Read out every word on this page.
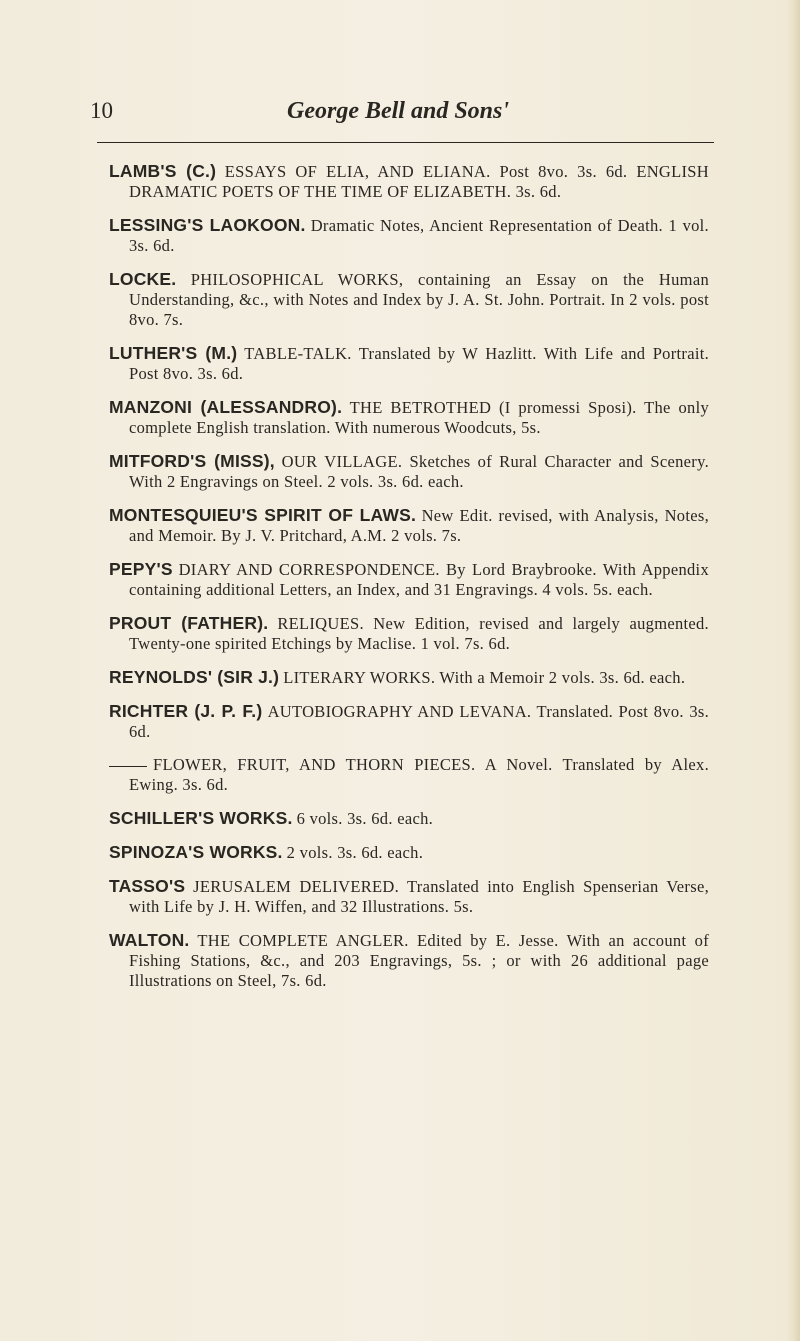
10	George Bell and Sons'

LAMB'S (C.) ESSAYS OF ELIA, AND ELIANA. Post 8vo. 3s. 6d. ENGLISH DRAMATIC POETS OF THE TIME OF ELIZABETH. 3s. 6d.

LESSING'S LAOKOON. Dramatic Notes, Ancient Representation of Death. 1 vol. 3s. 6d.

LOCKE. PHILOSOPHICAL WORKS, containing an Essay on the Human Understanding, &c., with Notes and Index by J. A. St. John. Portrait. In 2 vols. post 8vo. 7s.

LUTHER'S (M.) TABLE-TALK. Translated by W Hazlitt. With Life and Portrait. Post 8vo. 3s. 6d.

MANZONI (ALESSANDRO). THE BETROTHED (I promessi Sposi). The only complete English translation. With numerous Woodcuts, 5s.

MITFORD'S (MISS), OUR VILLAGE. Sketches of Rural Character and Scenery. With 2 Engravings on Steel. 2 vols. 3s. 6d. each.

MONTESQUIEU'S SPIRIT OF LAWS. New Edit. revised, with Analysis, Notes, and Memoir. By J. V. Pritchard, A.M. 2 vols. 7s.

PEPY'S DIARY AND CORRESPONDENCE. By Lord Braybrooke. With Appendix containing additional Letters, an Index, and 31 Engravings. 4 vols. 5s. each.

PROUT (FATHER). RELIQUES. New Edition, revised and largely augmented. Twenty-one spirited Etchings by Maclise. 1 vol. 7s. 6d.

REYNOLDS' (SIR J.) LITERARY WORKS. With a Memoir 2 vols. 3s. 6d. each.

RICHTER (J. P. F.) AUTOBIOGRAPHY AND LEVANA. Translated. Post 8vo. 3s. 6d.

FLOWER, FRUIT, AND THORN PIECES. A Novel. Translated by Alex. Ewing. 3s. 6d.

SCHILLER'S WORKS. 6 vols. 3s. 6d. each.

SPINOZA'S WORKS. 2 vols. 3s. 6d. each.

TASSO'S JERUSALEM DELIVERED. Translated into English Spenserian Verse, with Life by J. H. Wiffen, and 32 Illustrations. 5s.

WALTON. THE COMPLETE ANGLER. Edited by E. Jesse. With an account of Fishing Stations, &c., and 203 Engravings, 5s. ; or with 26 additional page Illustrations on Steel, 7s. 6d.
